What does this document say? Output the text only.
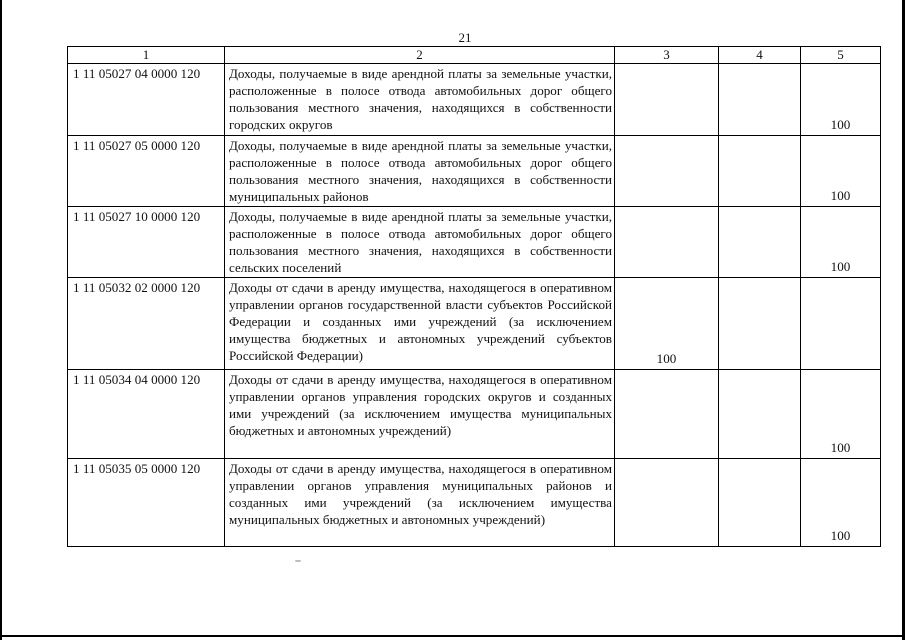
21
1	2	3	4	5
1 11 05027 04 0000 120	Доходы, получаемые в виде арендной платы за земельные участки, расположенные в полосе отвода автомобильных дорог общего пользования местного значения, находящихся в собственности городских округов			100

1 11 05027 05 0000 120	Доходы, получаемые в виде арендной платы за земельные участки, расположенные в полосе отвода автомобильных дорог общего пользования местного значения, находящихся в собственности муниципальных районов			100

1 11 05027 10 0000 120	Доходы, получаемые в виде арендной платы за земельные участки, расположенные в полосе отвода автомобильных дорог общего пользования местного значения, находящихся в собственности сельских поселений			100

1 11 05032 02 0000 120	Доходы от сдачи в аренду имущества, находящегося в оперативном управлении органов государственной власти субъектов Российской Федерации и созданных ими учреждений (за исключением имущества бюджетных и автономных учреждений субъектов Российской Федерации)	100		

1 11 05034 04 0000 120	Доходы от сдачи в аренду имущества, находящегося в оперативном управлении органов управления городских округов и созданных ими учреждений (за исключением имущества муниципальных бюджетных и автономных учреждений)			100

1 11 05035 05 0000 120	Доходы от сдачи в аренду имущества, находящегося в оперативном управлении органов управления муниципальных районов и созданных ими учреждений (за исключением имущества муниципальных бюджетных и автономных учреждений)			100
